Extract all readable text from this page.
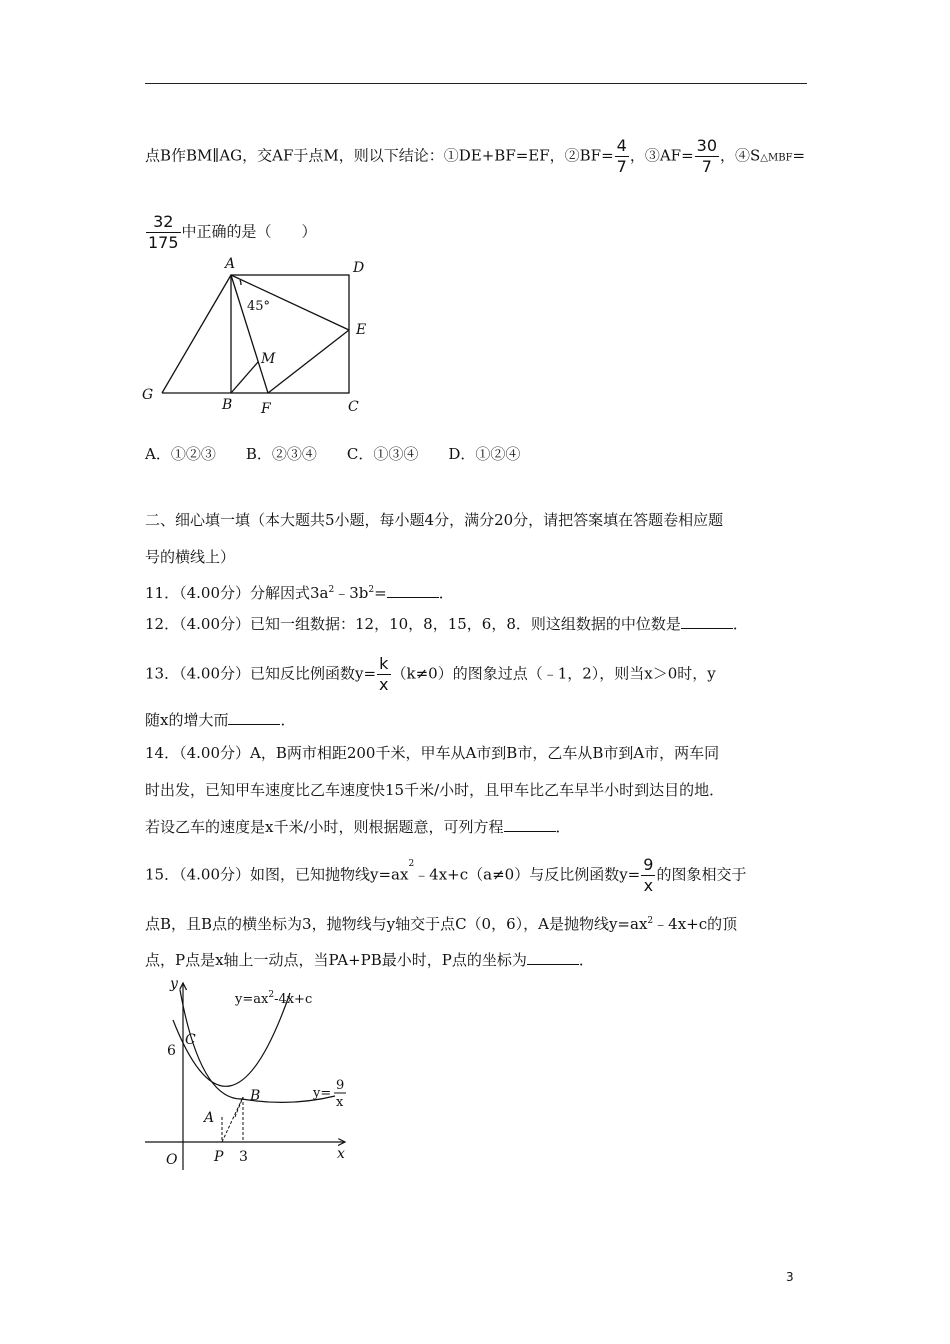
点B作BM∥AG，交AF于点M，则以下结论：①DE+BF=EF，②BF= $\frac{4}{7}$ ，③AF= $\frac{30}{7}$ ，④S△MBF=
$\frac{32}{175}$ 中正确的是（　　）
A	D
E
G
B F	C
M
45°
A．①②③　　B．②③④　　C．①③④　　D．①②④
二、细心填一填（本大题共5小题，每小题4分，满分20分，请把答案填在答题卷相应题
号的横线上）
11．（4.00分）分解因式$3a^2﹣3b^2=$	．
12．（4.00分）已知一组数据：12，10，8，15，6，8．则这组数据的中位数是	．
13．（4.00分）已知反比例函数$y= \frac{k}{x} (k\ne 0)$的图象过点（﹣1，2），则当x＞0时，y
随x的增大而	．
14．（4.00分）A，B两市相距200千米，甲车从A市到B市，乙车从B市到A市，两车同
时出发，已知甲车速度比乙车速度快15千米/小时，且甲车比乙车早半小时到达目的地．
若设乙车的速度是x千米/小时，则根据题意，可列方程	．
15．（4.00分）如图，已知抛物线$y=ax^2﹣4x+c(a\ne 0)$与反比例函数$y= \frac{9}{x}$ 的图象相交于
点B，且B点的横坐标为3，抛物线与y轴交于点C（0，6），A是抛物线$y=ax^2﹣4x+c$的顶
点，P点是x轴上一动点，当PA+PB最小时，P点的坐标为	．
y
x
O
C
6
A
B
P 3
$y=ax^2-4x+c$
y=
9
x
3
